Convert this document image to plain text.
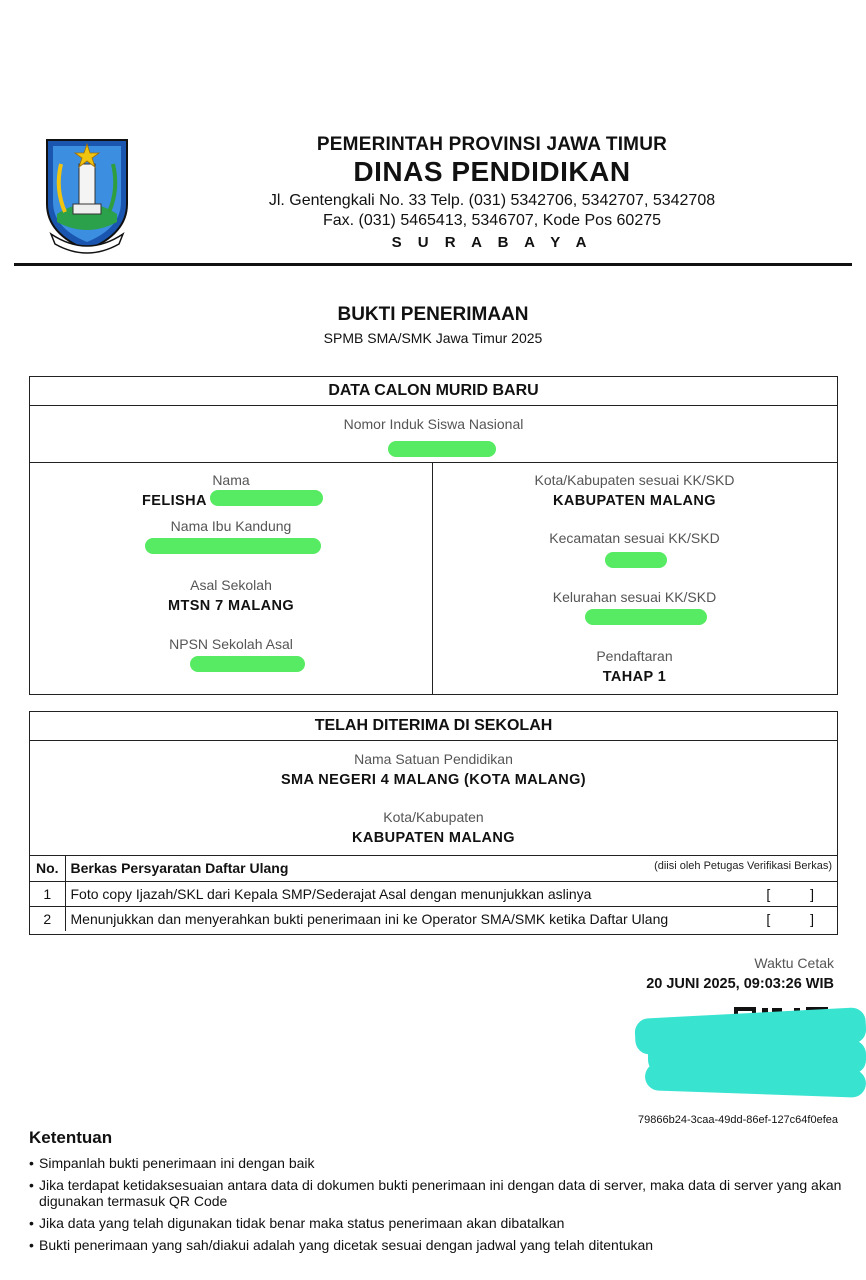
PEMERINTAH PROVINSI JAWA TIMUR
DINAS PENDIDIKAN
Jl. Gentengkali No. 33 Telp. (031) 5342706, 5342707, 5342708
Fax. (031) 5465413, 5346707, Kode Pos 60275
S U R A B A Y A
BUKTI PENERIMAAN
SPMB SMA/SMK Jawa Timur 2025
DATA CALON MURID BARU
Nomor Induk Siswa Nasional
Nama
FELISHA
Nama Ibu Kandung
Asal Sekolah
MTSN 7 MALANG
NPSN Sekolah Asal
Kota/Kabupaten sesuai KK/SKD
KABUPATEN MALANG
Kecamatan sesuai KK/SKD
Kelurahan sesuai KK/SKD
Pendaftaran
TAHAP 1
TELAH DITERIMA DI SEKOLAH
Nama Satuan Pendidikan
SMA NEGERI 4 MALANG (KOTA MALANG)
Kota/Kabupaten
KABUPATEN MALANG
No.	Berkas Persyaratan Daftar Ulang (diisi oleh Petugas Verifikasi Berkas)

1	Foto copy Ijazah/SKL dari Kepala SMP/Sederajat Asal dengan menunjukkan aslinya [ ]

2	Menunjukkan dan menyerahkan bukti penerimaan ini ke Operator SMA/SMK ketika Daftar Ulang [ ]
Waktu Cetak
20 JUNI 2025, 09:03:26 WIB
79866b24-3caa-49dd-86ef-127c64f0efea
Ketentuan
• Simpanlah bukti penerimaan ini dengan baik
• Jika terdapat ketidaksesuaian antara data di dokumen bukti penerimaan ini dengan data di server, maka data di server yang akan digunakan termasuk QR Code
• Jika data yang telah digunakan tidak benar maka status penerimaan akan dibatalkan
• Bukti penerimaan yang sah/diakui adalah yang dicetak sesuai dengan jadwal yang telah ditentukan
